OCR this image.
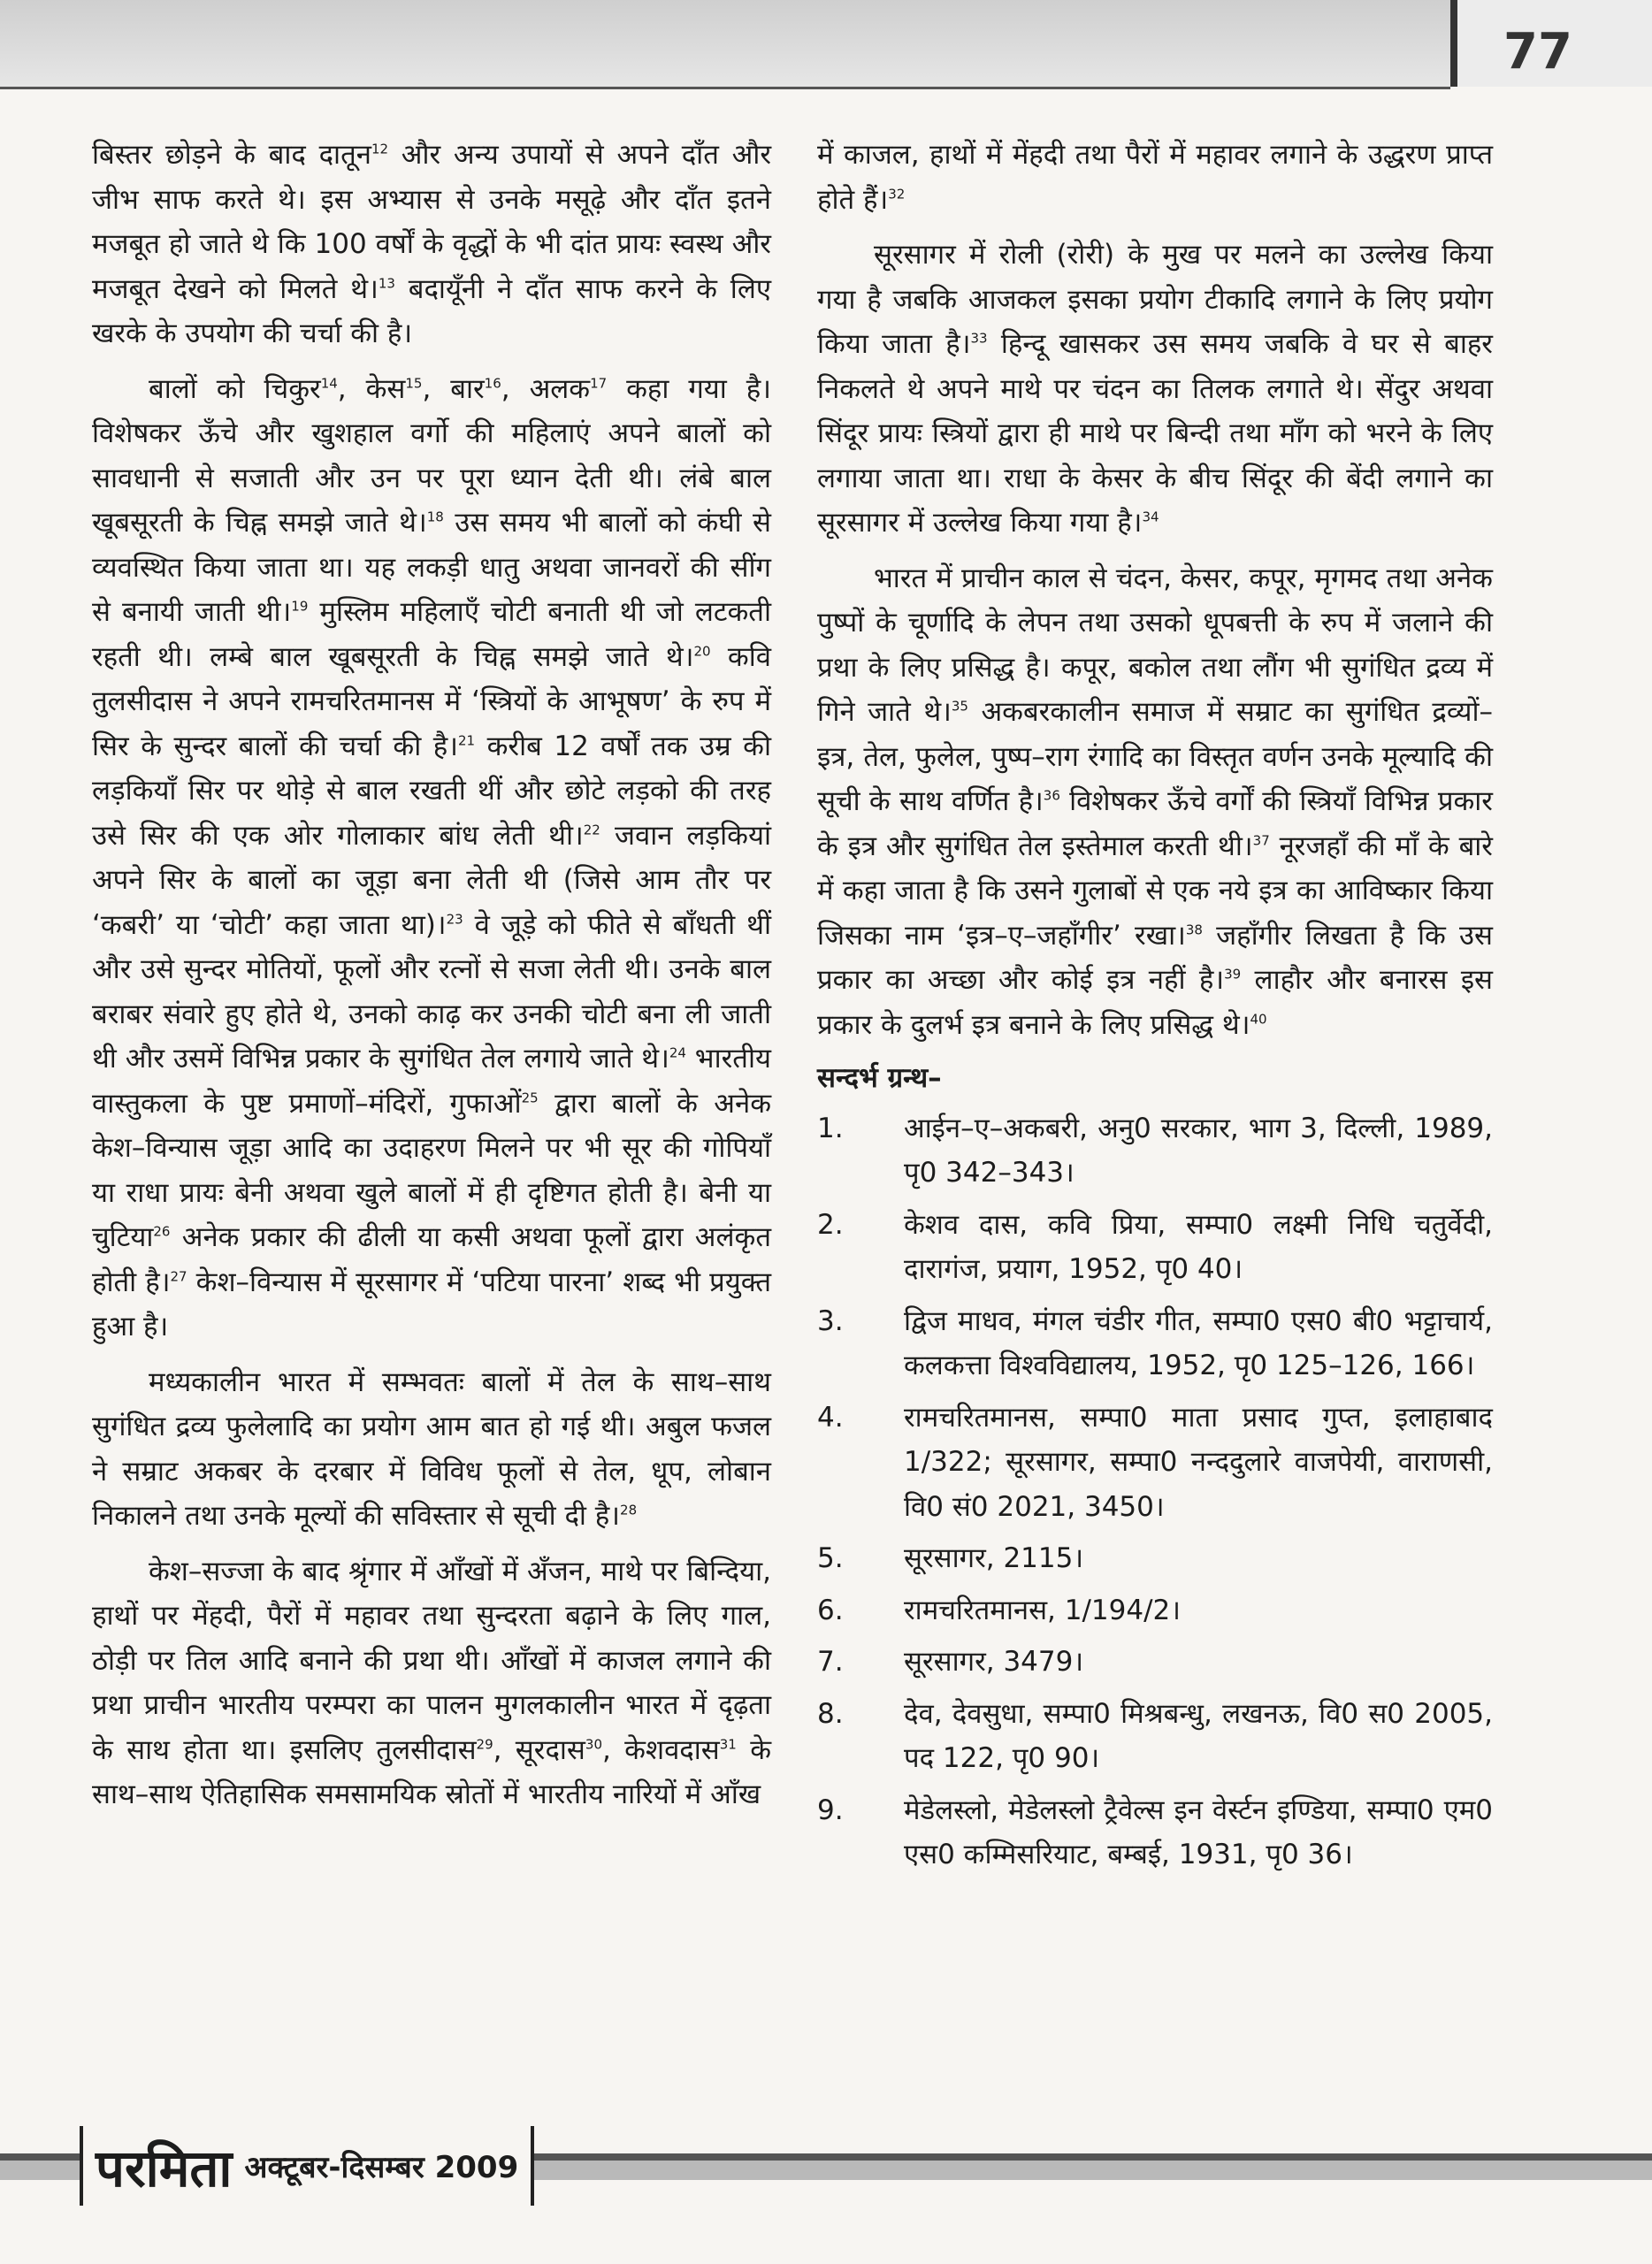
77

बिस्तर छोड़ने के बाद दातून$^{12}$ और अन्य उपायों से अपने दाँत और जीभ साफ करते थे। इस अभ्यास से उनके मसूढ़े और दाँत इतने मजबूत हो जाते थे कि 100 वर्षों के वृद्धों के भी दांत प्रायः स्वस्थ और मजबूत देखने को मिलते थे।$^{13}$ बदायूँनी ने दाँत साफ करने के लिए खरके के उपयोग की चर्चा की है।

बालों को चिकुर$^{14}$, केस$^{15}$, बार$^{16}$, अलक$^{17}$ कहा गया है। विशेषकर ऊँचे और खुशहाल वर्गो की महिलाएं अपने बालों को सावधानी से सजाती और उन पर पूरा ध्यान देती थी। लंबे बाल खूबसूरती के चिह्न समझे जाते थे।$^{18}$ उस समय भी बालों को कंघी से व्यवस्थित किया जाता था। यह लकड़ी धातु अथवा जानवरों की सींग से बनायी जाती थी।$^{19}$ मुस्लिम महिलाएँ चोटी बनाती थी जो लटकती रहती थी। लम्बे बाल खूबसूरती के चिह्न समझे जाते थे।$^{20}$ कवि तुलसीदास ने अपने रामचरितमानस में ‘स्त्रियों के आभूषण’ के रुप में सिर के सुन्दर बालों की चर्चा की है।$^{21}$ करीब 12 वर्षों तक उम्र की लड़कियाँ सिर पर थोड़े से बाल रखती थीं और छोटे लड़को की तरह उसे सिर की एक ओर गोलाकार बांध लेती थी।$^{22}$ जवान लड़कियां अपने सिर के बालों का जूड़ा बना लेती थी (जिसे आम तौर पर ‘कबरी’ या ‘चोटी’ कहा जाता था)।$^{23}$ वे जूड़े को फीते से बाँधती थीं और उसे सुन्दर मोतियों, फूलों और रत्नों से सजा लेती थी। उनके बाल बराबर संवारे हुए होते थे, उनको काढ़ कर उनकी चोटी बना ली जाती थी और उसमें विभिन्न प्रकार के सुगंधित तेल लगाये जाते थे।$^{24}$ भारतीय वास्तुकला के पुष्ट प्रमाणों–मंदिरों, गुफाओं$^{25}$ द्वारा बालों के अनेक केश–विन्यास जूड़ा आदि का उदाहरण मिलने पर भी सूर की गोपियाँ या राधा प्रायः बेनी अथवा खुले बालों में ही दृष्टिगत होती है। बेनी या चुटिया$^{26}$ अनेक प्रकार की ढीली या कसी अथवा फूलों द्वारा अलंकृत होती है।$^{27}$ केश–विन्यास में सूरसागर में ‘पटिया पारना’ शब्द भी प्रयुक्त हुआ है।

मध्यकालीन भारत में सम्भवतः बालों में तेल के साथ–साथ सुगंधित द्रव्य फुलेलादि का प्रयोग आम बात हो गई थी। अबुल फजल ने सम्राट अकबर के दरबार में विविध फूलों से तेल, धूप, लोबान निकालने तथा उनके मूल्यों की सविस्तार से सूची दी है।$^{28}$

केश–सज्जा के बाद श्रृंगार में आँखों में अँजन, माथे पर बिन्दिया, हाथों पर मेंहदी, पैरों में महावर तथा सुन्दरता बढ़ाने के लिए गाल, ठोड़ी पर तिल आदि बनाने की प्रथा थी। आँखों में काजल लगाने की प्रथा प्राचीन भारतीय परम्परा का पालन मुगलकालीन भारत में दृढ़ता के साथ होता था। इसलिए तुलसीदास$^{29}$, सूरदास$^{30}$, केशवदास$^{31}$ के साथ–साथ ऐतिहासिक समसामयिक स्रोतों में भारतीय नारियों में आँख

में काजल, हाथों में मेंहदी तथा पैरों में महावर लगाने के उद्धरण प्राप्त होते हैं।$^{32}$

सूरसागर में रोली (रोरी) के मुख पर मलने का उल्लेख किया गया है जबकि आजकल इसका प्रयोग टीकादि लगाने के लिए प्रयोग किया जाता है।$^{33}$ हिन्दू खासकर उस समय जबकि वे घर से बाहर निकलते थे अपने माथे पर चंदन का तिलक लगाते थे। सेंदुर अथवा सिंदूर प्रायः स्त्रियों द्वारा ही माथे पर बिन्दी तथा माँग को भरने के लिए लगाया जाता था। राधा के केसर के बीच सिंदूर की बेंदी लगाने का सूरसागर में उल्लेख किया गया है।$^{34}$

भारत में प्राचीन काल से चंदन, केसर, कपूर, मृगमद तथा अनेक पुष्पों के चूर्णादि के लेपन तथा उसको धूपबत्ती के रुप में जलाने की प्रथा के लिए प्रसिद्ध है। कपूर, बकोल तथा लौंग भी सुगंधित द्रव्य में गिने जाते थे।$^{35}$ अकबरकालीन समाज में सम्राट का सुगंधित द्रव्यों–इत्र, तेल, फुलेल, पुष्प–राग रंगादि का विस्तृत वर्णन उनके मूल्यादि की सूची के साथ वर्णित है।$^{36}$ विशेषकर ऊँचे वर्गों की स्त्रियाँ विभिन्न प्रकार के इत्र और सुगंधित तेल इस्तेमाल करती थी।$^{37}$ नूरजहाँ की माँ के बारे में कहा जाता है कि उसने गुलाबों से एक नये इत्र का आविष्कार किया जिसका नाम ‘इत्र–ए–जहाँगीर’ रखा।$^{38}$ जहाँगीर लिखता है कि उस प्रकार का अच्छा और कोई इत्र नहीं है।$^{39}$ लाहौर और बनारस इस प्रकार के दुलर्भ इत्र बनाने के लिए प्रसिद्ध थे।$^{40}$

सन्दर्भ ग्रन्थ–

1.	आईन–ए–अकबरी, अनु0 सरकार, भाग 3, दिल्ली, 1989, पृ0 342–343।
2.	केशव दास, कवि प्रिया, सम्पा0 लक्ष्मी निधि चतुर्वेदी, दारागंज, प्रयाग, 1952, पृ0 40।
3.	द्विज माधव, मंगल चंडीर गीत, सम्पा0 एस0 बी0 भट्टाचार्य, कलकत्ता विश्वविद्यालय, 1952, पृ0 125–126, 166।
4.	रामचरितमानस, सम्पा0 माता प्रसाद गुप्त, इलाहाबाद 1/322; सूरसागर, सम्पा0 नन्ददुलारे वाजपेयी, वाराणसी, वि0 सं0 2021, 3450।
5.	सूरसागर, 2115।
6.	रामचरितमानस, 1/194/2।
7.	सूरसागर, 3479।
8.	देव, देवसुधा, सम्पा0 मिश्रबन्धु, लखनऊ, वि0 स0 2005, पद 122, पृ0 90।
9.	मेडेलस्लो, मेडेलस्लो ट्रैवेल्स इन वेर्स्टन इण्डिया, सम्पा0 एम0 एस0 कम्मिसरियाट, बम्बई, 1931, पृ0 36।
परमिता अक्टूबर-दिसम्बर 2009
